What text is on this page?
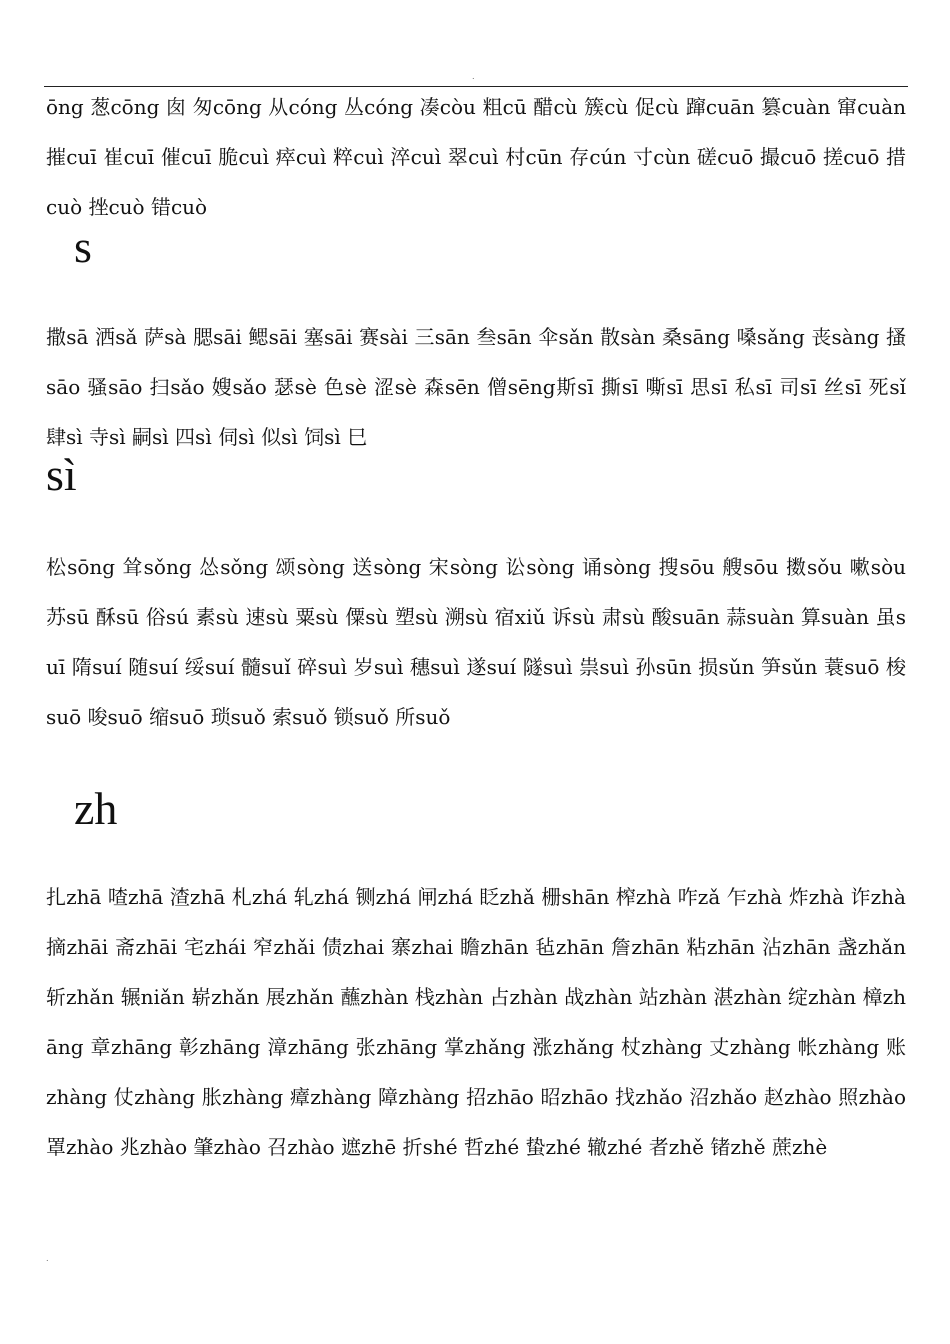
.
ōng 葱cōng 囱 匆cōng 从cóng 丛cóng 凑còu 粗cū 醋cù 簇cù 促cù 蹿cuān 篡cuàn 窜cuàn 摧cuī 崔cuī 催cuī 脆cuì 瘁cuì 粹cuì 淬cuì 翠cuì 村cūn 存cún 寸cùn 磋cuō 撮cuō 搓cuō 措cuò 挫cuò 错cuò
s
撒sā 洒sǎ 萨sà 腮sāi 鳃sāi 塞sāi 赛sài 三sān 叁sān 伞sǎn 散sàn 桑sāng 嗓sǎng 丧sàng 搔sāo 骚sāo 扫sǎo 嫂sǎo 瑟sè 色sè 涩sè 森sēn 僧sēng斯sī 撕sī 嘶sī 思sī 私sī 司sī 丝sī 死sǐ 肆sì 寺sì 嗣sì 四sì 伺sì 似sì 饲sì 巳
sì
松sōng 耸sǒng 怂sǒng 颂sòng 送sòng 宋sòng 讼sòng 诵sòng 搜sōu 艘sōu 擞sǒu 嗽sòu 苏sū 酥sū 俗sú 素sù 速sù 粟sù 僳sù 塑sù 溯sù 宿xiǔ 诉sù 肃sù 酸suān 蒜suàn 算suàn 虽suī 隋suí 随suí 绥suí 髓suǐ 碎suì 岁suì 穗suì 遂suí 隧suì 祟suì 孙sūn 损sǔn 笋sǔn 蓑suō 梭suō 唆suō 缩suō 琐suǒ 索suǒ 锁suǒ 所suǒ
zh
扎zhā 喳zhā 渣zhā 札zhá 轧zhá 铡zhá 闸zhá 眨zhǎ 栅shān 榨zhà 咋zǎ 乍zhà 炸zhà 诈zhà 摘zhāi 斋zhāi 宅zhái 窄zhǎi 债zhai 寨zhai 瞻zhān 毡zhān 詹zhān 粘zhān 沾zhān 盏zhǎn 斩zhǎn 辗niǎn 崭zhǎn 展zhǎn 蘸zhàn 栈zhàn 占zhàn 战zhàn 站zhàn 湛zhàn 绽zhàn 樟zhāng 章zhāng 彰zhāng 漳zhāng 张zhāng 掌zhǎng 涨zhǎng 杖zhàng 丈zhàng 帐zhàng 账zhàng 仗zhàng 胀zhàng 瘴zhàng 障zhàng 招zhāo 昭zhāo 找zhǎo 沼zhǎo 赵zhào 照zhào 罩zhào 兆zhào 肇zhào 召zhào 遮zhē 折shé 哲zhé 蛰zhé 辙zhé 者zhě 锗zhě 蔗zhè
.
